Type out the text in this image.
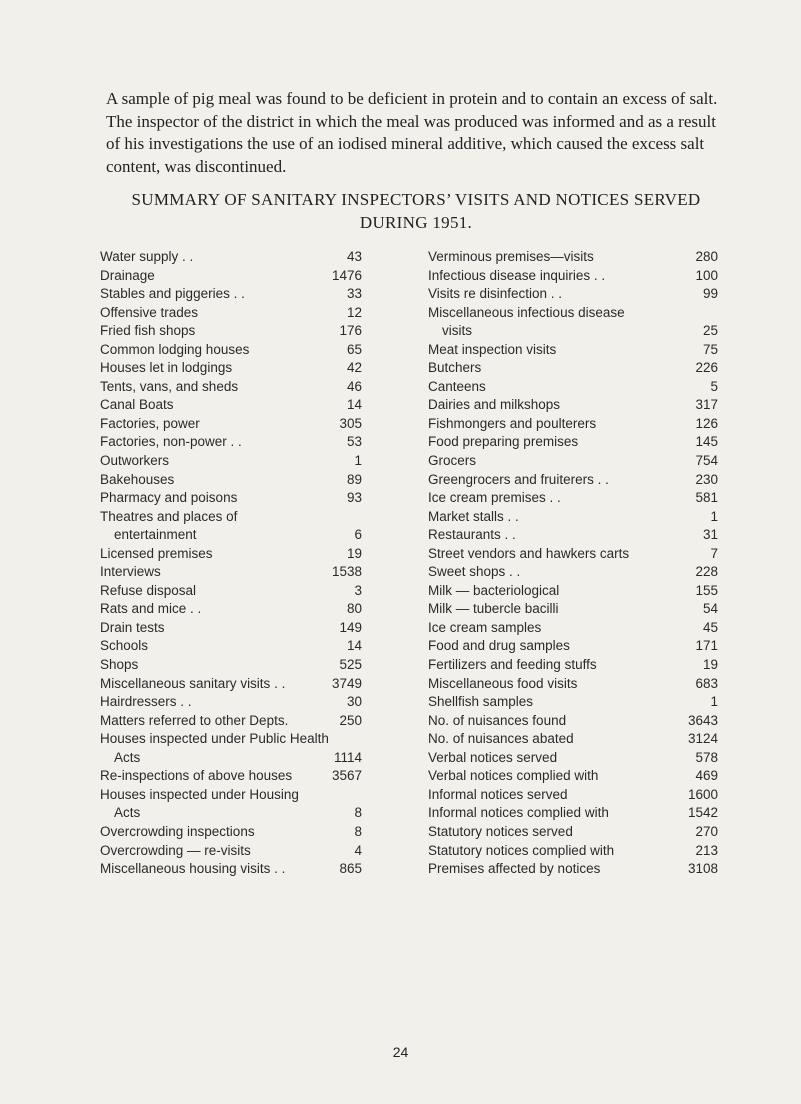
A sample of pig meal was found to be deficient in protein and to contain an excess of salt. The inspector of the district in which the meal was produced was informed and as a result of his investigations the use of an iodised mineral additive, which caused the excess salt content, was discontinued.

SUMMARY OF SANITARY INSPECTORS’ VISITS AND NOTICES SERVED
DURING 1951.
Water supply . .	43
Drainage	1476
Stables and piggeries . .	33
Offensive trades	12
Fried fish shops	176
Common lodging houses	65
Houses let in lodgings	42
Tents, vans, and sheds	46
Canal Boats	14
Factories, power	305
Factories, non-power . .	53
Outworkers	1
Bakehouses	89
Pharmacy and poisons	93
Theatres and places of
entertainment	6
Licensed premises	19
Interviews	1538
Refuse disposal	3
Rats and mice . .	80
Drain tests	149
Schools	14
Shops	525
Miscellaneous sanitary visits . .	3749
Hairdressers . .	30
Matters referred to other Depts.	250
Houses inspected under Public Health
Acts	1114
Re-inspections of above houses	3567
Houses inspected under Housing
Acts	8
Overcrowding inspections	8
Overcrowding — re-visits	4
Miscellaneous housing visits . .	865
Verminous premises—visits	280
Infectious disease inquiries . .	100
Visits re disinfection . .	99
Miscellaneous infectious disease
visits	25
Meat inspection visits	75
Butchers	226
Canteens	5
Dairies and milkshops	317
Fishmongers and poulterers	126
Food preparing premises	145
Grocers	754
Greengrocers and fruiterers . .	230
Ice cream premises . .	581
Market stalls . .	1
Restaurants . .	31
Street vendors and hawkers carts	7
Sweet shops . .	228
Milk — bacteriological	155
Milk — tubercle bacilli	54
Ice cream samples	45
Food and drug samples	171
Fertilizers and feeding stuffs	19
Miscellaneous food visits	683
Shellfish samples	1
No. of nuisances found	3643
No. of nuisances abated	3124
Verbal notices served	578
Verbal notices complied with	469
Informal notices served	1600
Informal notices complied with	1542
Statutory notices served	270
Statutory notices complied with	213
Premises affected by notices	3108
24
